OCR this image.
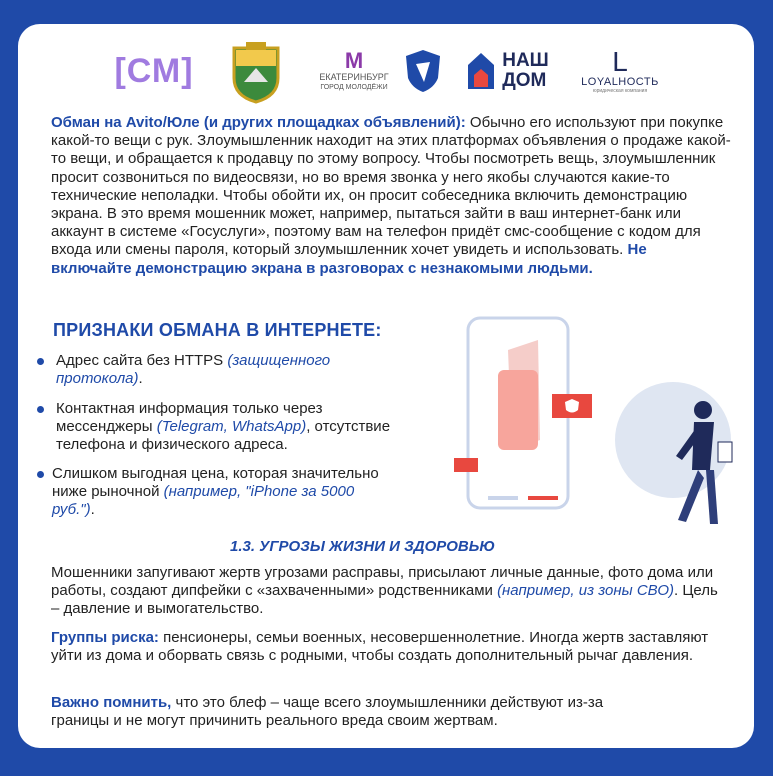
[СМ]	M
ЕКАТЕРИНБУРГ
ГОРОД МОЛОДЁЖИ
НАШ
ДОМ
L
LOYALНОСТЬ
юридическая компания

Обман на Avito/Юле (и других площадках объявлений): Обычно его используют при покупке какой-то вещи с рук. Злоумышленник находит на этих платформах объявления о продаже какой-то вещи, и обращается к продавцу по этому вопросу. Чтобы посмотреть вещь, злоумышленник просит созвониться по видеосвязи, но во время звонка у него якобы случаются какие-то технические неполадки. Чтобы обойти их, он просит собеседника включить демонстрацию экрана. В это время мошенник может, например, пытаться зайти в ваш интернет-банк или аккаунт в системе «Госуслуги», поэтому вам на телефон придёт смс-сообщение с кодом для входа или смены пароля, который злоумышленник хочет увидеть и использовать. Не включайте демонстрацию экрана в разговорах с незнакомыми людьми.

ПРИЗНАКИ ОБМАНА В ИНТЕРНЕТЕ:
Адрес сайта без HTTPS (защищенного протокола).
Контактная информация только через мессенджеры (Telegram, WhatsApp), отсутствие телефона и физического адреса.
Слишком выгодная цена, которая значительно ниже рыночной (например, "iPhone за 5000 руб.").
1.3. УГРОЗЫ ЖИЗНИ И ЗДОРОВЬЮ

Мошенники запугивают жертв угрозами расправы, присылают личные данные, фото дома или работы, создают дипфейки с «захваченными» родственниками (например, из зоны СВО). Цель – давление и вымогательство.

Группы риска: пенсионеры, семьи военных, несовершеннолетние. Иногда жертв заставляют уйти из дома и оборвать связь с родными, чтобы создать дополнительный рычаг давления.

Важно помнить, что это блеф – чаще всего злоумышленники действуют из-за границы и не могут причинить реального вреда своим жертвам.
